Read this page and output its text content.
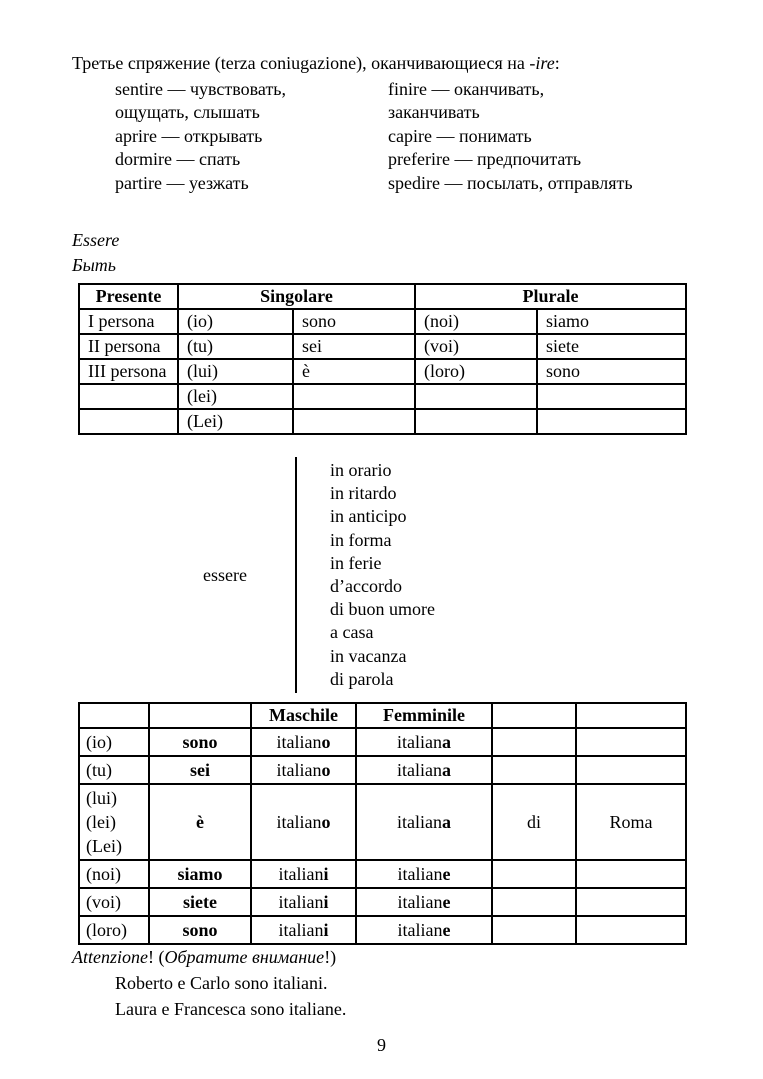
Третье спряжение (terza coniugazione), оканчивающиеся на -ire:
sentire — чувствовать,
ощущать, слышать
aprire — открывать
dormire — спать
partire — уезжать
finire — оканчивать,
заканчивать
capire — понимать
preferire — предпочитать
spedire — посылать, отправлять
Essere
Быть
Presente	Singolare		Plurale	
I persona	(io)	sono	(noi)	siamo
II persona	(tu)	sei	(voi)	siete
III persona	(lui)	è	(loro)	sono
	(lei)			
	(Lei)			
essere
in orario
in ritardo
in anticipo
in forma
in ferie
d’accordo
di buon umore
a casa
in vacanza
di parola
		Maschile	Femminile		

(io)	sono	italiano	italiana		

(tu)	sei	italiano	italiana		

(lui)
(lei)
(Lei)	è	italiano	italiana	di	Roma

(noi)	siamo	italiani	italiane		

(voi)	siete	italiani	italiane		

(loro)	sono	italiani	italiane		
Attenzione! (Обратите внимание!)
Roberto e Carlo sono italiani.
Laura e Francesca sono italiane.
9
